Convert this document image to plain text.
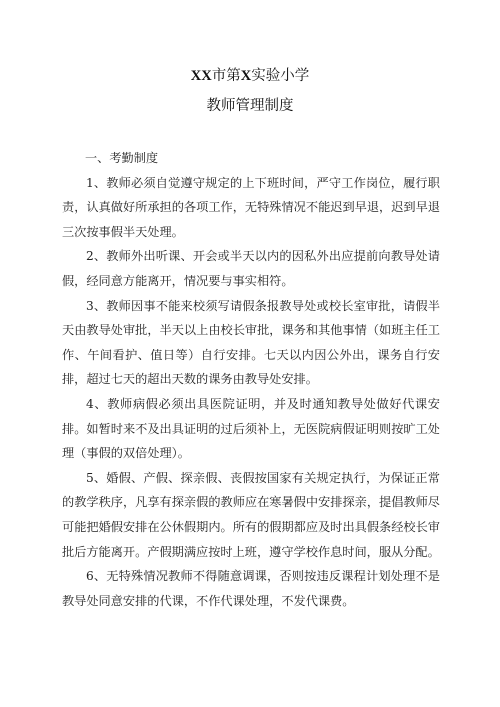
XX市第X实验小学
教师管理制度

一、考勤制度

1、教师必须自觉遵守规定的上下班时间，严守工作岗位，履行职责，认真做好所承担的各项工作，无特殊情况不能迟到早退，迟到早退三次按事假半天处理。

2、教师外出听课、开会或半天以内的因私外出应提前向教导处请假，经同意方能离开，情况要与事实相符。

3、教师因事不能来校须写请假条报教导处或校长室审批，请假半天由教导处审批，半天以上由校长审批，课务和其他事情（如班主任工作、午间看护、值日等）自行安排。七天以内因公外出，课务自行安排，超过七天的超出天数的课务由教导处安排。

4、教师病假必须出具医院证明，并及时通知教导处做好代课安排。如暂时来不及出具证明的过后须补上，无医院病假证明则按旷工处理（事假的双倍处理）。

5、婚假、产假、探亲假、丧假按国家有关规定执行，为保证正常的教学秩序，凡享有探亲假的教师应在寒暑假中安排探亲，提倡教师尽可能把婚假安排在公休假期内。所有的假期都应及时出具假条经校长审批后方能离开。产假期满应按时上班，遵守学校作息时间，服从分配。

6、无特殊情况教师不得随意调课，否则按违反课程计划处理不是教导处同意安排的代课，不作代课处理，不发代课费。
